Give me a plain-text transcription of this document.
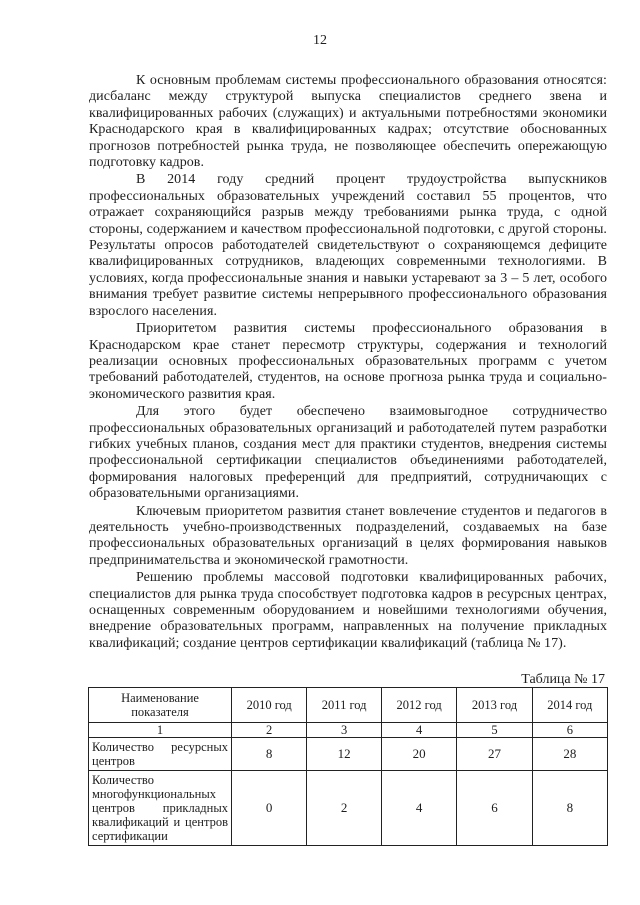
12

К основным проблемам системы профессионального образования относятся: дисбаланс между структурой выпуска специалистов среднего звена и квалифицированных рабочих (служащих) и актуальными потребностями экономики Краснодарского края в квалифицированных кадрах; отсутствие обоснованных прогнозов потребностей рынка труда, не позволяющее обеспечить опережающую подготовку кадров.

В 2014 году средний процент трудоустройства выпускников профессиональных образовательных учреждений составил 55 процентов, что отражает сохраняющийся разрыв между требованиями рынка труда, с одной стороны, содержанием и качеством профессиональной подготовки, с другой стороны. Результаты опросов работодателей свидетельствуют о сохраняющемся дефиците квалифицированных сотрудников, владеющих современными технологиями. В условиях, когда профессиональные знания и навыки устаревают за 3 – 5 лет, особого внимания требует развитие системы непрерывного профессионального образования взрослого населения.

Приоритетом развития системы профессионального образования в Краснодарском крае станет пересмотр структуры, содержания и технологий реализации основных профессиональных образовательных программ с учетом требований работодателей, студентов, на основе прогноза рынка труда и социально-экономического развития края.

Для этого будет обеспечено взаимовыгодное сотрудничество профессиональных образовательных организаций и работодателей путем разработки гибких учебных планов, создания мест для практики студентов, внедрения системы профессиональной сертификации специалистов объединениями работодателей, формирования налоговых преференций для предприятий, сотрудничающих с образовательными организациями.

Ключевым приоритетом развития станет вовлечение студентов и педагогов в деятельность учебно-производственных подразделений, создаваемых на базе профессиональных образовательных организаций в целях формирования навыков предпринимательства и экономической грамотности.

Решению проблемы массовой подготовки квалифицированных рабочих, специалистов для рынка труда способствует подготовка кадров в ресурсных центрах, оснащенных современным оборудованием и новейшими технологиями обучения, внедрение образовательных программ, направленных на получение прикладных квалификаций; создание центров сертификации квалификаций (таблица № 17).

Таблица № 17
Наименование показателя	2010 год	2011 год	2012 год	2013 год	2014 год
1	2	3	4	5	6
Количество ресурсных центров	8	12	20	27	28
Количество многофункциональных центров прикладных квалификаций и центров сертификации	0	2	4	6	8
